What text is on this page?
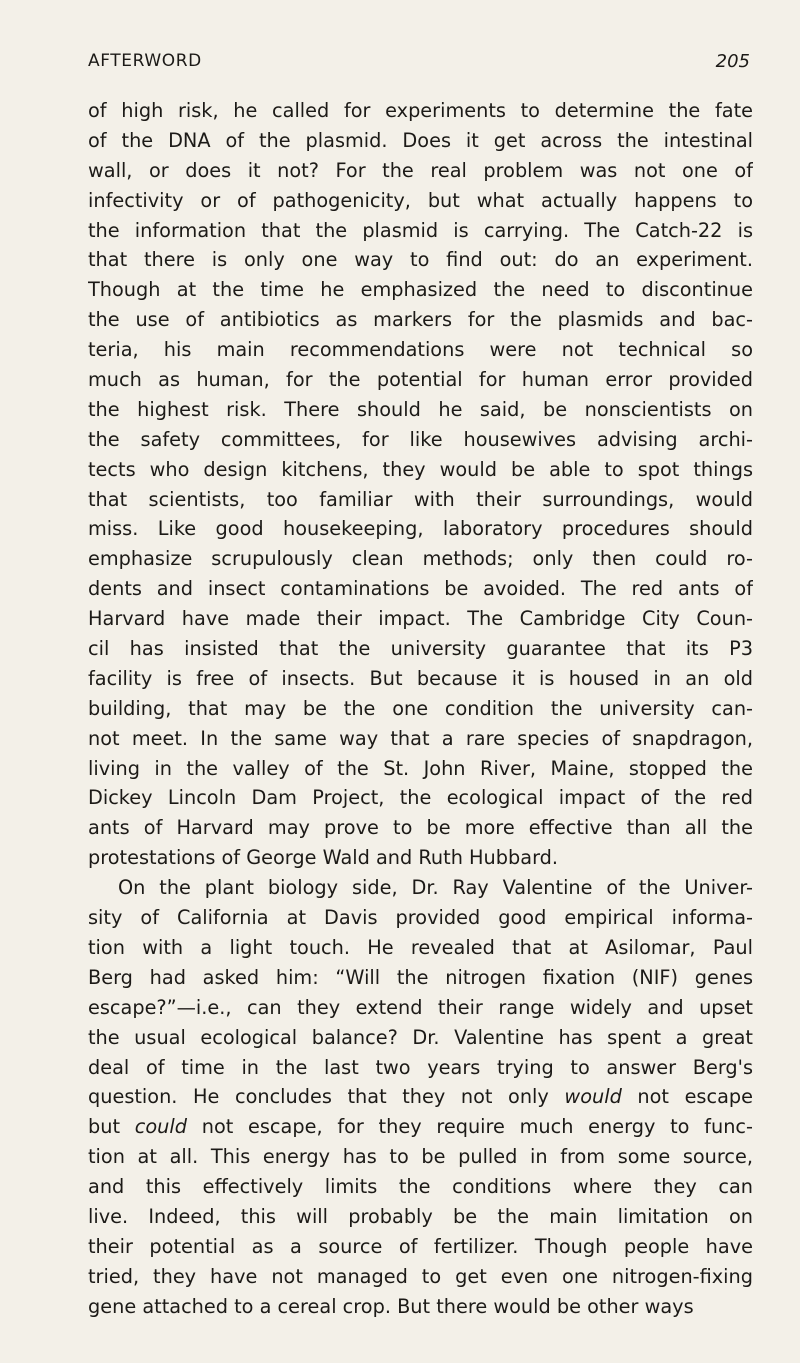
AFTERWORD	205
of high risk, he called for experiments to determine the fate
of the DNA of the plasmid. Does it get across the intestinal
wall, or does it not? For the real problem was not one of
infectivity or of pathogenicity, but what actually happens to
the information that the plasmid is carrying. The Catch-22 is
that there is only one way to find out: do an experiment.
Though at the time he emphasized the need to discontinue
the use of antibiotics as markers for the plasmids and bac-
teria, his main recommendations were not technical so
much as human, for the potential for human error provided
the highest risk. There should he said, be nonscientists on
the safety committees, for like housewives advising archi-
tects who design kitchens, they would be able to spot things
that scientists, too familiar with their surroundings, would
miss. Like good housekeeping, laboratory procedures should
emphasize scrupulously clean methods; only then could ro-
dents and insect contaminations be avoided. The red ants of
Harvard have made their impact. The Cambridge City Coun-
cil has insisted that the university guarantee that its P3
facility is free of insects. But because it is housed in an old
building, that may be the one condition the university can-
not meet. In the same way that a rare species of snapdragon,
living in the valley of the St. John River, Maine, stopped the
Dickey Lincoln Dam Project, the ecological impact of the red
ants of Harvard may prove to be more effective than all the
protestations of George Wald and Ruth Hubbard.
On the plant biology side, Dr. Ray Valentine of the Univer-
sity of California at Davis provided good empirical informa-
tion with a light touch. He revealed that at Asilomar, Paul
Berg had asked him: “Will the nitrogen fixation (NIF) genes
escape?”—i.e., can they extend their range widely and upset
the usual ecological balance? Dr. Valentine has spent a great
deal of time in the last two years trying to answer Berg's
question. He concludes that they not only would not escape
but could not escape, for they require much energy to func-
tion at all. This energy has to be pulled in from some source,
and this effectively limits the conditions where they can
live. Indeed, this will probably be the main limitation on
their potential as a source of fertilizer. Though people have
tried, they have not managed to get even one nitrogen-fixing
gene attached to a cereal crop. But there would be other ways
